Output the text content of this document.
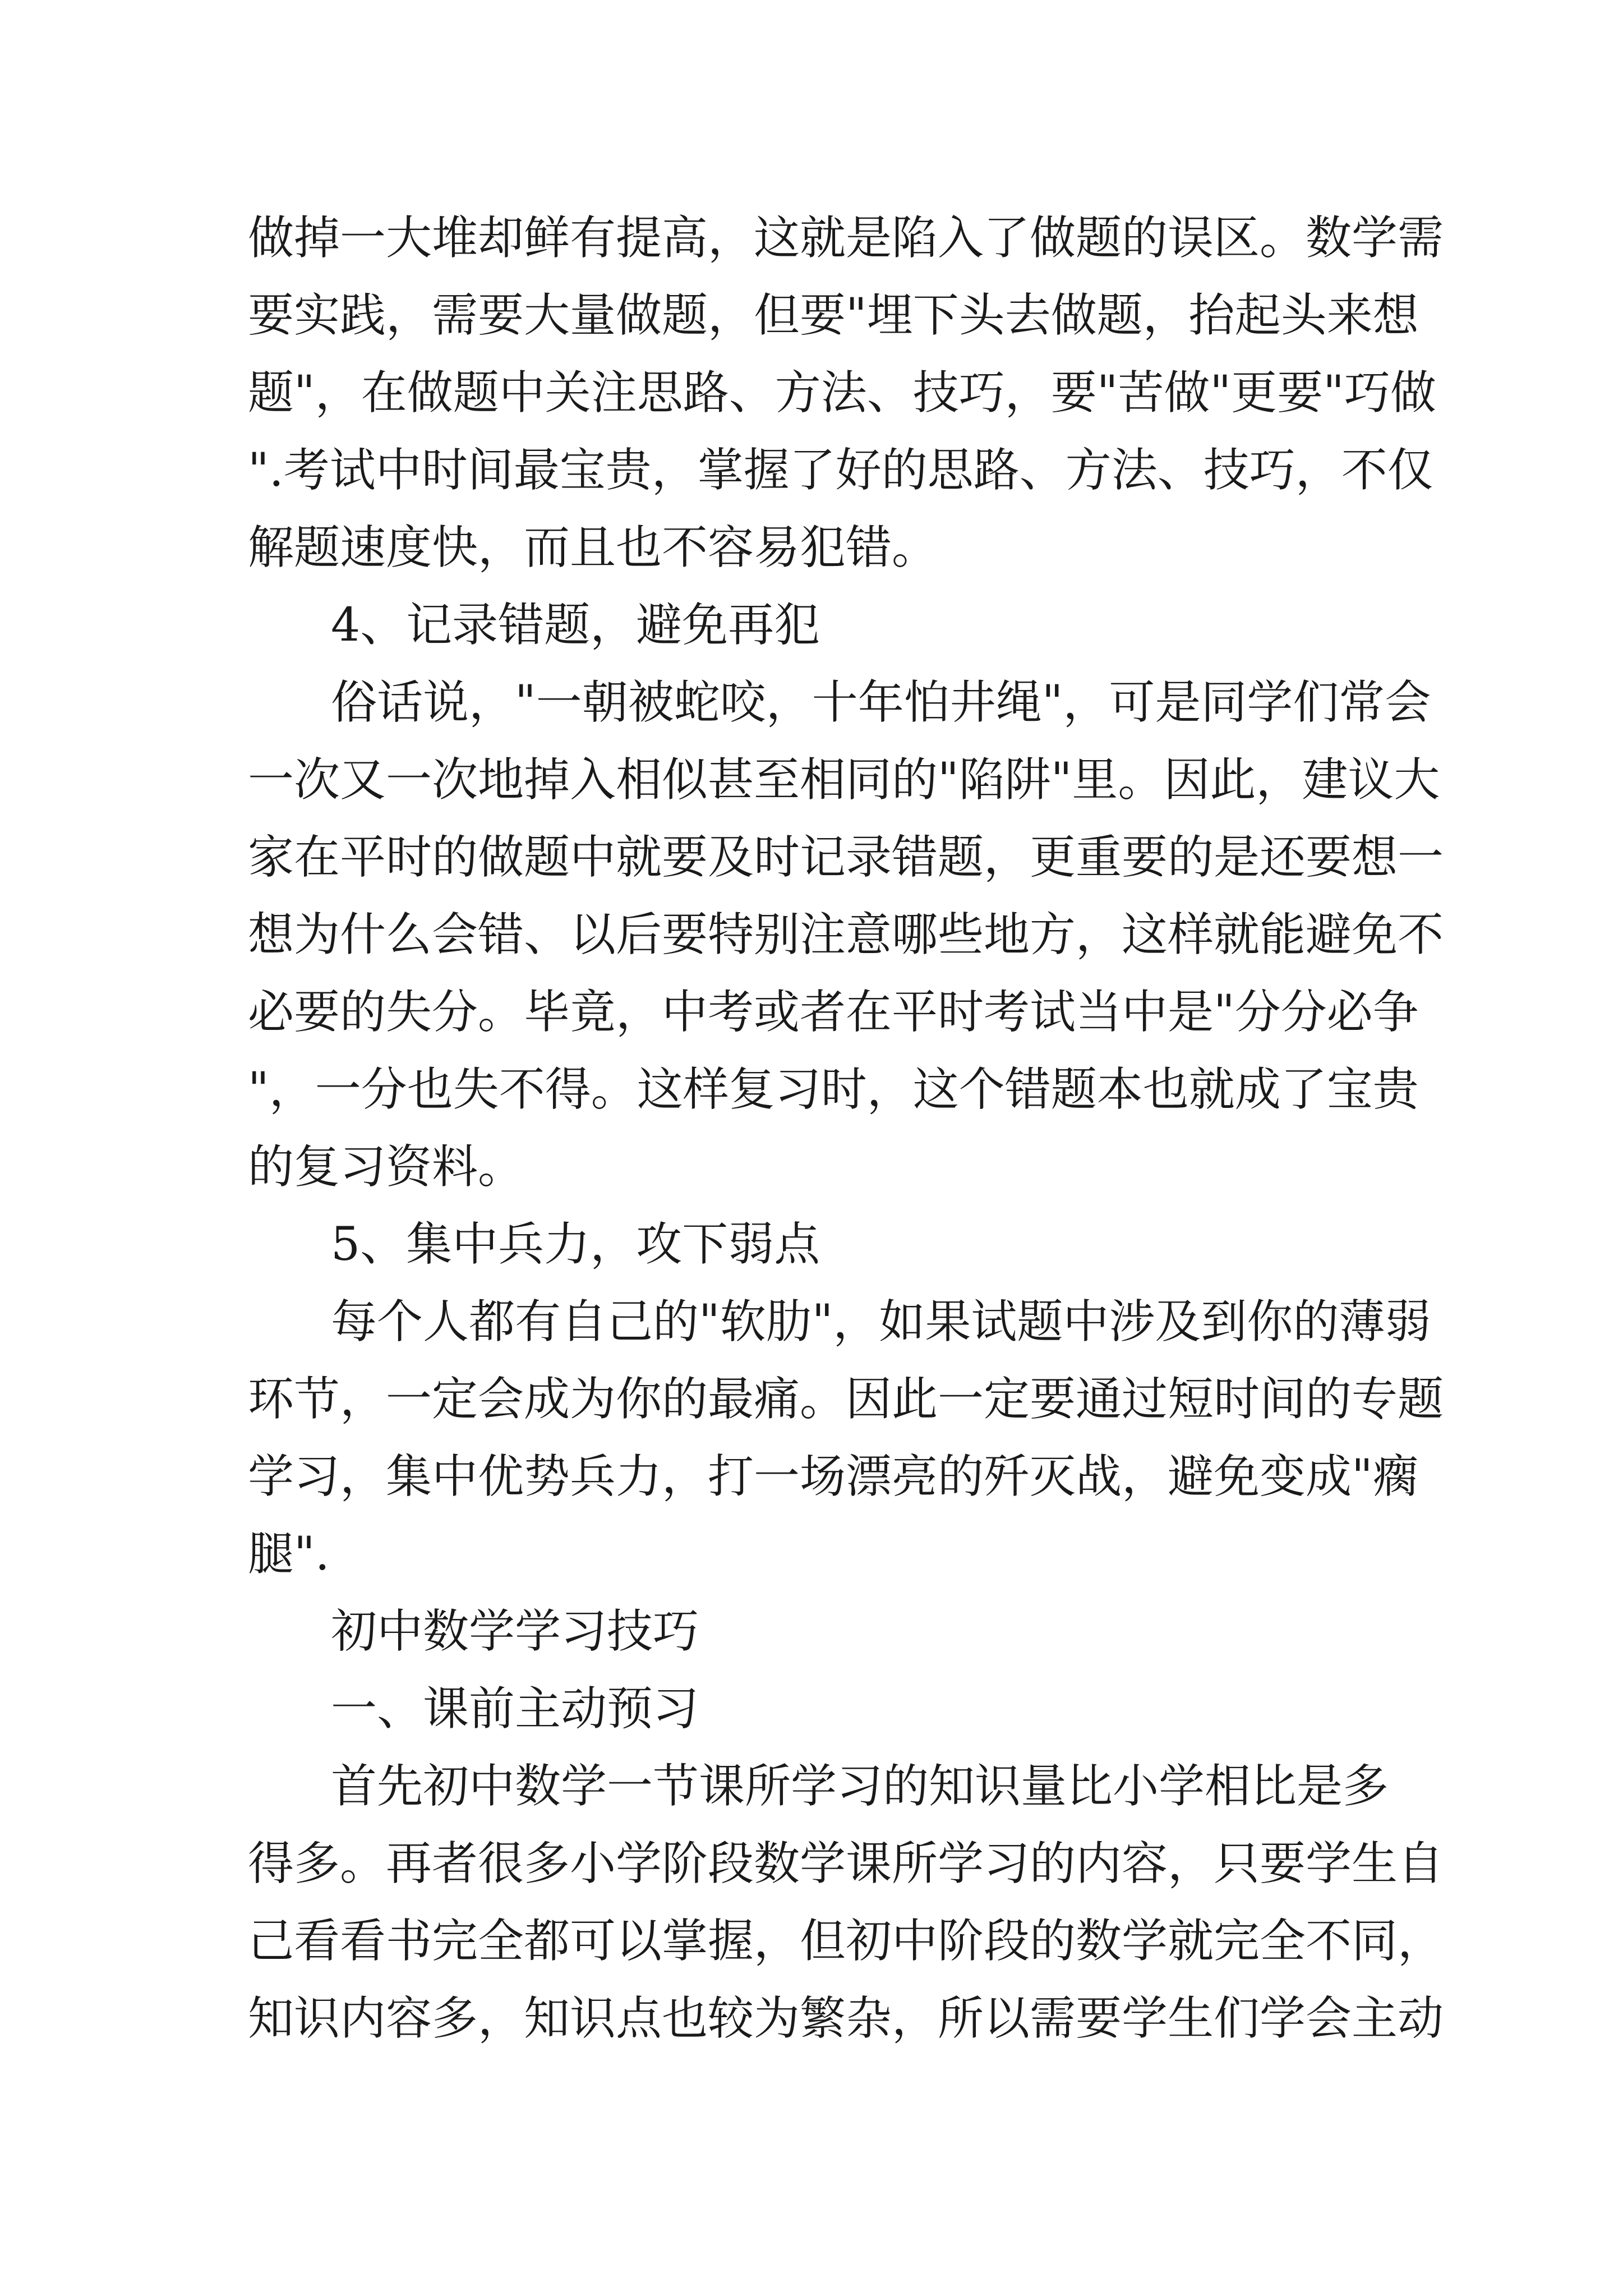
做掉一大堆却鲜有提高，这就是陷入了做题的误区。数学需
要实践，需要大量做题，但要"埋下头去做题，抬起头来想
题"，在做题中关注思路、方法、技巧，要"苦做"更要"巧做
".考试中时间最宝贵，掌握了好的思路、方法、技巧，不仅
解题速度快，而且也不容易犯错。
4、记录错题，避免再犯
俗话说，"一朝被蛇咬，十年怕井绳"，可是同学们常会
一次又一次地掉入相似甚至相同的"陷阱"里。因此，建议大
家在平时的做题中就要及时记录错题，更重要的是还要想一
想为什么会错、以后要特别注意哪些地方，这样就能避免不
必要的失分。毕竟，中考或者在平时考试当中是"分分必争
"，一分也失不得。这样复习时，这个错题本也就成了宝贵
的复习资料。
5、集中兵力，攻下弱点
每个人都有自己的"软肋"，如果试题中涉及到你的薄弱
环节，一定会成为你的最痛。因此一定要通过短时间的专题
学习，集中优势兵力，打一场漂亮的歼灭战，避免变成"瘸
腿".
初中数学学习技巧
一、课前主动预习
首先初中数学一节课所学习的知识量比小学相比是多
得多。再者很多小学阶段数学课所学习的内容，只要学生自
己看看书完全都可以掌握，但初中阶段的数学就完全不同，
知识内容多，知识点也较为繁杂，所以需要学生们学会主动
